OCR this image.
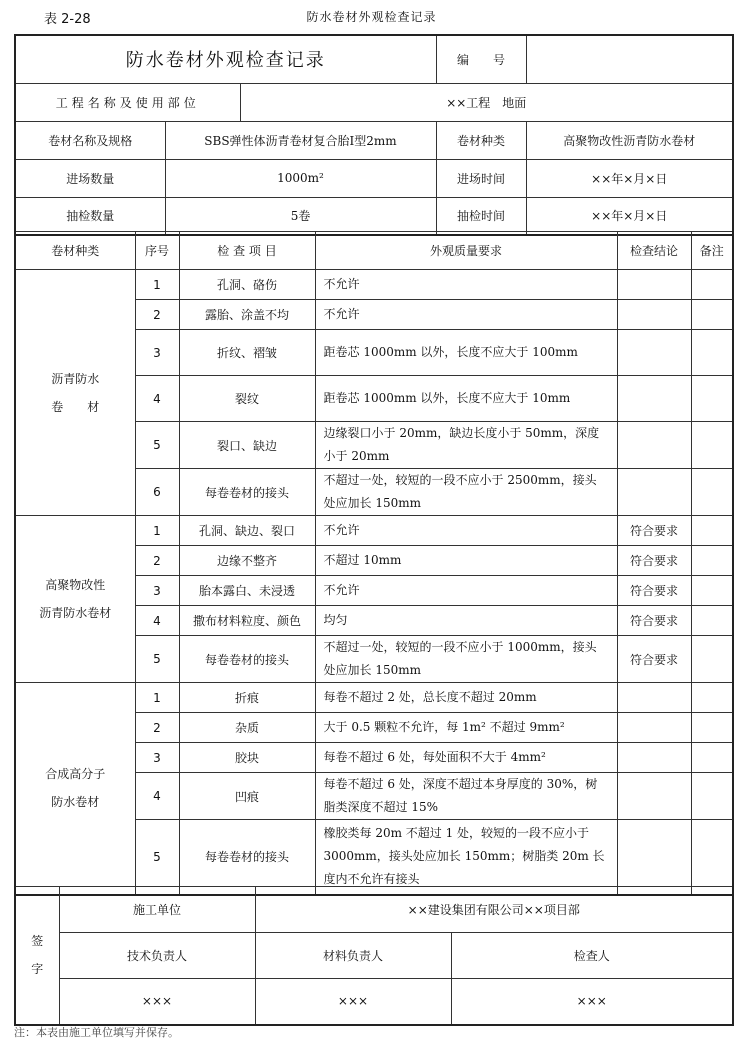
表 2-28	防水卷材外观检查记录
防水卷材外观检查记录			编　　号	
工程名称及使用部位		××工程　地面		
卷材名称及规格	SBS弹性体沥青卷材复合胎Ⅰ型2mm		卷材种类	高聚物改性沥青防水卷材
进场数量	1000m²		进场时间	××年×月×日
抽检数量	5卷		抽检时间	××年×月×日
卷材种类	序号	检 查 项 目	外观质量要求	检查结论	备注
沥青防水
卷　　材	1	孔洞、硌伤	不允许		
	2	露胎、涂盖不均	不允许		
	3	折纹、褶皱	距卷芯 1000mm 以外，长度不应大于 100mm		
	4	裂纹	距卷芯 1000mm 以外，长度不应大于 10mm		
	5	裂口、缺边	边缘裂口小于 20mm，缺边长度小于 50mm，深度小于 20mm		
	6	每卷卷材的接头	不超过一处，较短的一段不应小于 2500mm，接头处应加长 150mm		
高聚物改性
沥青防水卷材	1	孔洞、缺边、裂口	不允许	符合要求	
	2	边缘不整齐	不超过 10mm	符合要求	
	3	胎本露白、未浸透	不允许	符合要求	
	4	撒布材料粒度、颜色	均匀	符合要求	
	5	每卷卷材的接头	不超过一处，较短的一段不应小于 1000mm，接头处应加长 150mm	符合要求	
合成高分子
防水卷材	1	折痕	每卷不超过 2 处，总长度不超过 20mm		
	2	杂质	大于 0.5 颗粒不允许，每 1m² 不超过 9mm²		
	3	胶块	每卷不超过 6 处，每处面积不大于 4mm²		
	4	凹痕	每卷不超过 6 处，深度不超过本身厚度的 30%，树脂类深度不超过 15%		
	5	每卷卷材的接头	橡胶类每 20m 不超过 1 处，较短的一段不应小于 3000mm，接头处应加长 150mm；树脂类 20m 长度内不允许有接头		
签
字	施工单位	××建设集团有限公司××项目部	
	技术负责人	材料负责人	检查人
	×××	×××	×××
注：本表由施工单位填写并保存。
